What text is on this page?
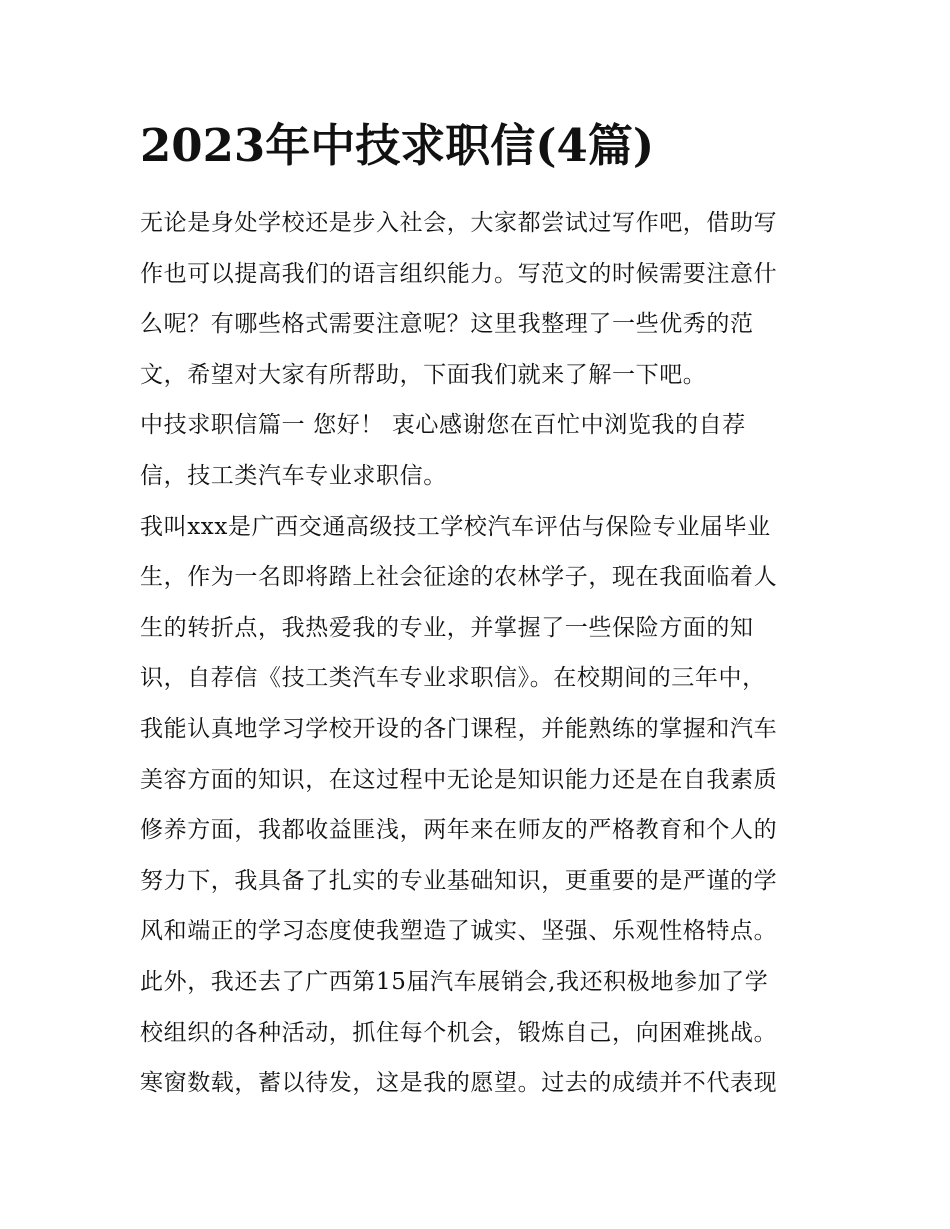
2023年中技求职信(4篇)
无论是身处学校还是步入社会，大家都尝试过写作吧，借助写
作也可以提高我们的语言组织能力。写范文的时候需要注意什
么呢？有哪些格式需要注意呢？这里我整理了一些优秀的范
文，希望对大家有所帮助，下面我们就来了解一下吧。
中技求职信篇一 您好！ 衷心感谢您在百忙中浏览我的自荐
信，技工类汽车专业求职信。
我叫xxx是广西交通高级技工学校汽车评估与保险专业届毕业
生，作为一名即将踏上社会征途的农林学子，现在我面临着人
生的转折点，我热爱我的专业，并掌握了一些保险方面的知
识，自荐信《技工类汽车专业求职信》。在校期间的三年中，
我能认真地学习学校开设的各门课程，并能熟练的掌握和汽车
美容方面的知识，在这过程中无论是知识能力还是在自我素质
修养方面，我都收益匪浅，两年来在师友的严格教育和个人的
努力下，我具备了扎实的专业基础知识，更重要的是严谨的学
风和端正的学习态度使我塑造了诚实、坚强、乐观性格特点。
此外，我还去了广西第15届汽车展销会,我还积极地参加了学
校组织的各种活动，抓住每个机会，锻炼自己，向困难挑战。
寒窗数载，蓄以待发，这是我的愿望。过去的成绩并不代表现
